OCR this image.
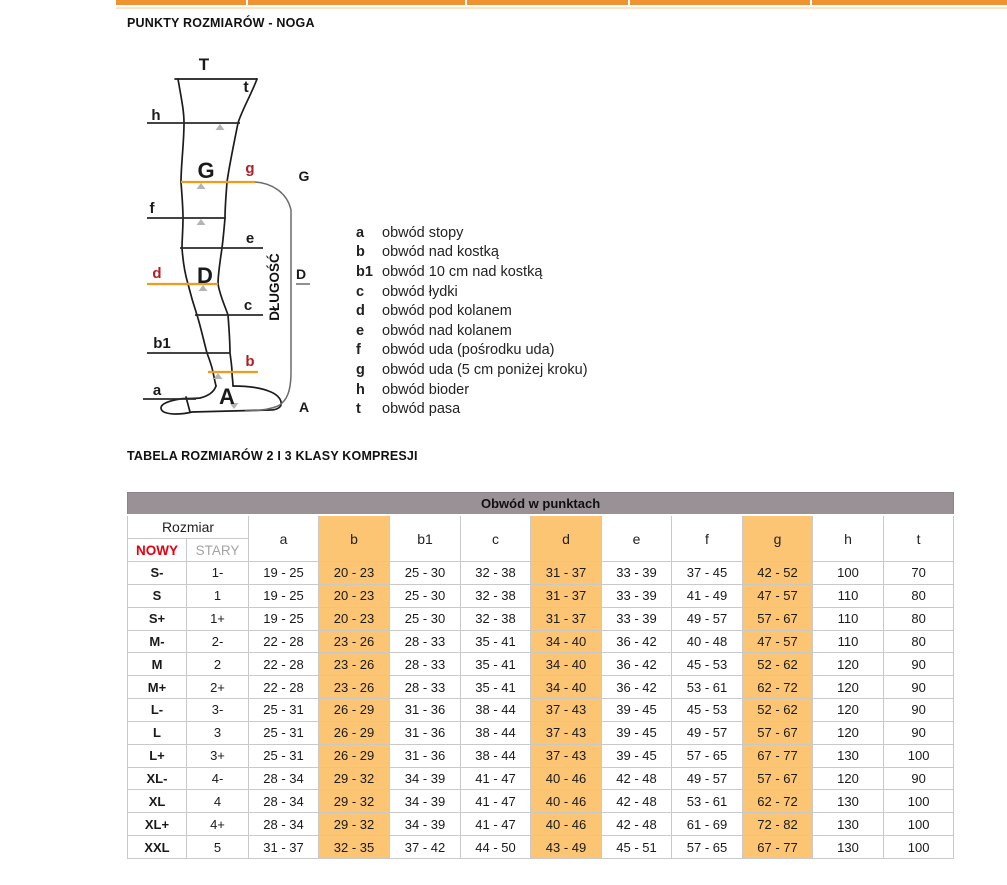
PUNKTY ROZMIARÓW - NOGA
TABELA ROZMIARÓW 2 I 3 KLASY KOMPRESJI
T
t
h
G
f
e
D
c
b1
a	A
g
d
b
G
D
A
DŁUGOŚĆ
a	obwód stopy
b	obwód nad kostką
b1 obwód 10 cm nad kostką
c	obwód łydki
d	obwód pod kolanem
e	obwód nad kolanem
f	obwód uda (pośrodku uda)
g	obwód uda (5 cm poniżej kroku)
h	obwód bioder
t	obwód pasa
Obwód w punktach											
Rozmiar		a	b	b1	c	d	e	f	g	h	t
NOWY	STARY										
S-	1-	19 - 25	20 - 23	25 - 30	32 - 38	31 - 37	33 - 39	37 - 45	42 - 52	100	70
S	1	19 - 25	20 - 23	25 - 30	32 - 38	31 - 37	33 - 39	41 - 49	47 - 57	110	80
S+	1+	19 - 25	20 - 23	25 - 30	32 - 38	31 - 37	33 - 39	49 - 57	57 - 67	110	80
M-	2-	22 - 28	23 - 26	28 - 33	35 - 41	34 - 40	36 - 42	40 - 48	47 - 57	110	80
M	2	22 - 28	23 - 26	28 - 33	35 - 41	34 - 40	36 - 42	45 - 53	52 - 62	120	90
M+	2+	22 - 28	23 - 26	28 - 33	35 - 41	34 - 40	36 - 42	53 - 61	62 - 72	120	90
L-	3-	25 - 31	26 - 29	31 - 36	38 - 44	37 - 43	39 - 45	45 - 53	52 - 62	120	90
L	3	25 - 31	26 - 29	31 - 36	38 - 44	37 - 43	39 - 45	49 - 57	57 - 67	120	90
L+	3+	25 - 31	26 - 29	31 - 36	38 - 44	37 - 43	39 - 45	57 - 65	67 - 77	130	100
XL-	4-	28 - 34	29 - 32	34 - 39	41 - 47	40 - 46	42 - 48	49 - 57	57 - 67	120	90
XL	4	28 - 34	29 - 32	34 - 39	41 - 47	40 - 46	42 - 48	53 - 61	62 - 72	130	100
XL+	4+	28 - 34	29 - 32	34 - 39	41 - 47	40 - 46	42 - 48	61 - 69	72 - 82	130	100
XXL	5	31 - 37	32 - 35	37 - 42	44 - 50	43 - 49	45 - 51	57 - 65	67 - 77	130	100
